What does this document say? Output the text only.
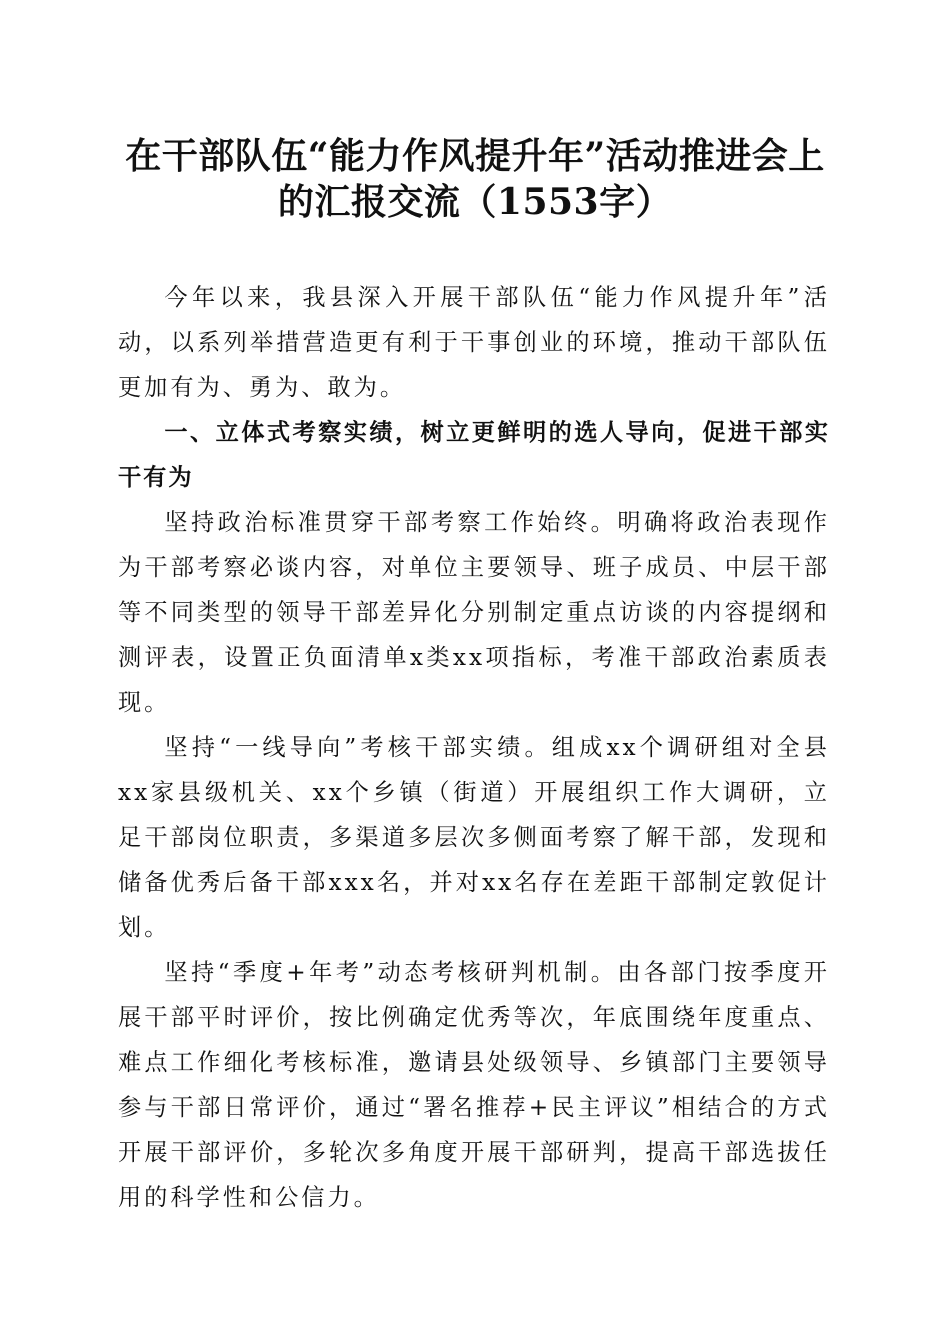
在干部队伍“能力作风提升年”活动推进会上
的汇报交流（1553字）

今年以来，我县深入开展干部队伍“能力作风提升年”活动，以系列举措营造更有利于干事创业的环境，推动干部队伍更加有为、勇为、敢为。

一、立体式考察实绩，树立更鲜明的选人导向，促进干部实干有为

坚持政治标准贯穿干部考察工作始终。明确将政治表现作为干部考察必谈内容，对单位主要领导、班子成员、中层干部等不同类型的领导干部差异化分别制定重点访谈的内容提纲和测评表，设置正负面清单x类xx项指标，考准干部政治素质表现。

坚持“一线导向”考核干部实绩。组成xx个调研组对全县xx家县级机关、xx个乡镇（街道）开展组织工作大调研，立足干部岗位职责，多渠道多层次多侧面考察了解干部，发现和储备优秀后备干部xxx名，并对xx名存在差距干部制定敦促计划。

坚持“季度+年考”动态考核研判机制。由各部门按季度开展干部平时评价，按比例确定优秀等次，年底围绕年度重点、难点工作细化考核标准，邀请县处级领导、乡镇部门主要领导参与干部日常评价，通过“署名推荐+民主评议”相结合的方式开展干部评价，多轮次多角度开展干部研判，提高干部选拔任用的科学性和公信力。
